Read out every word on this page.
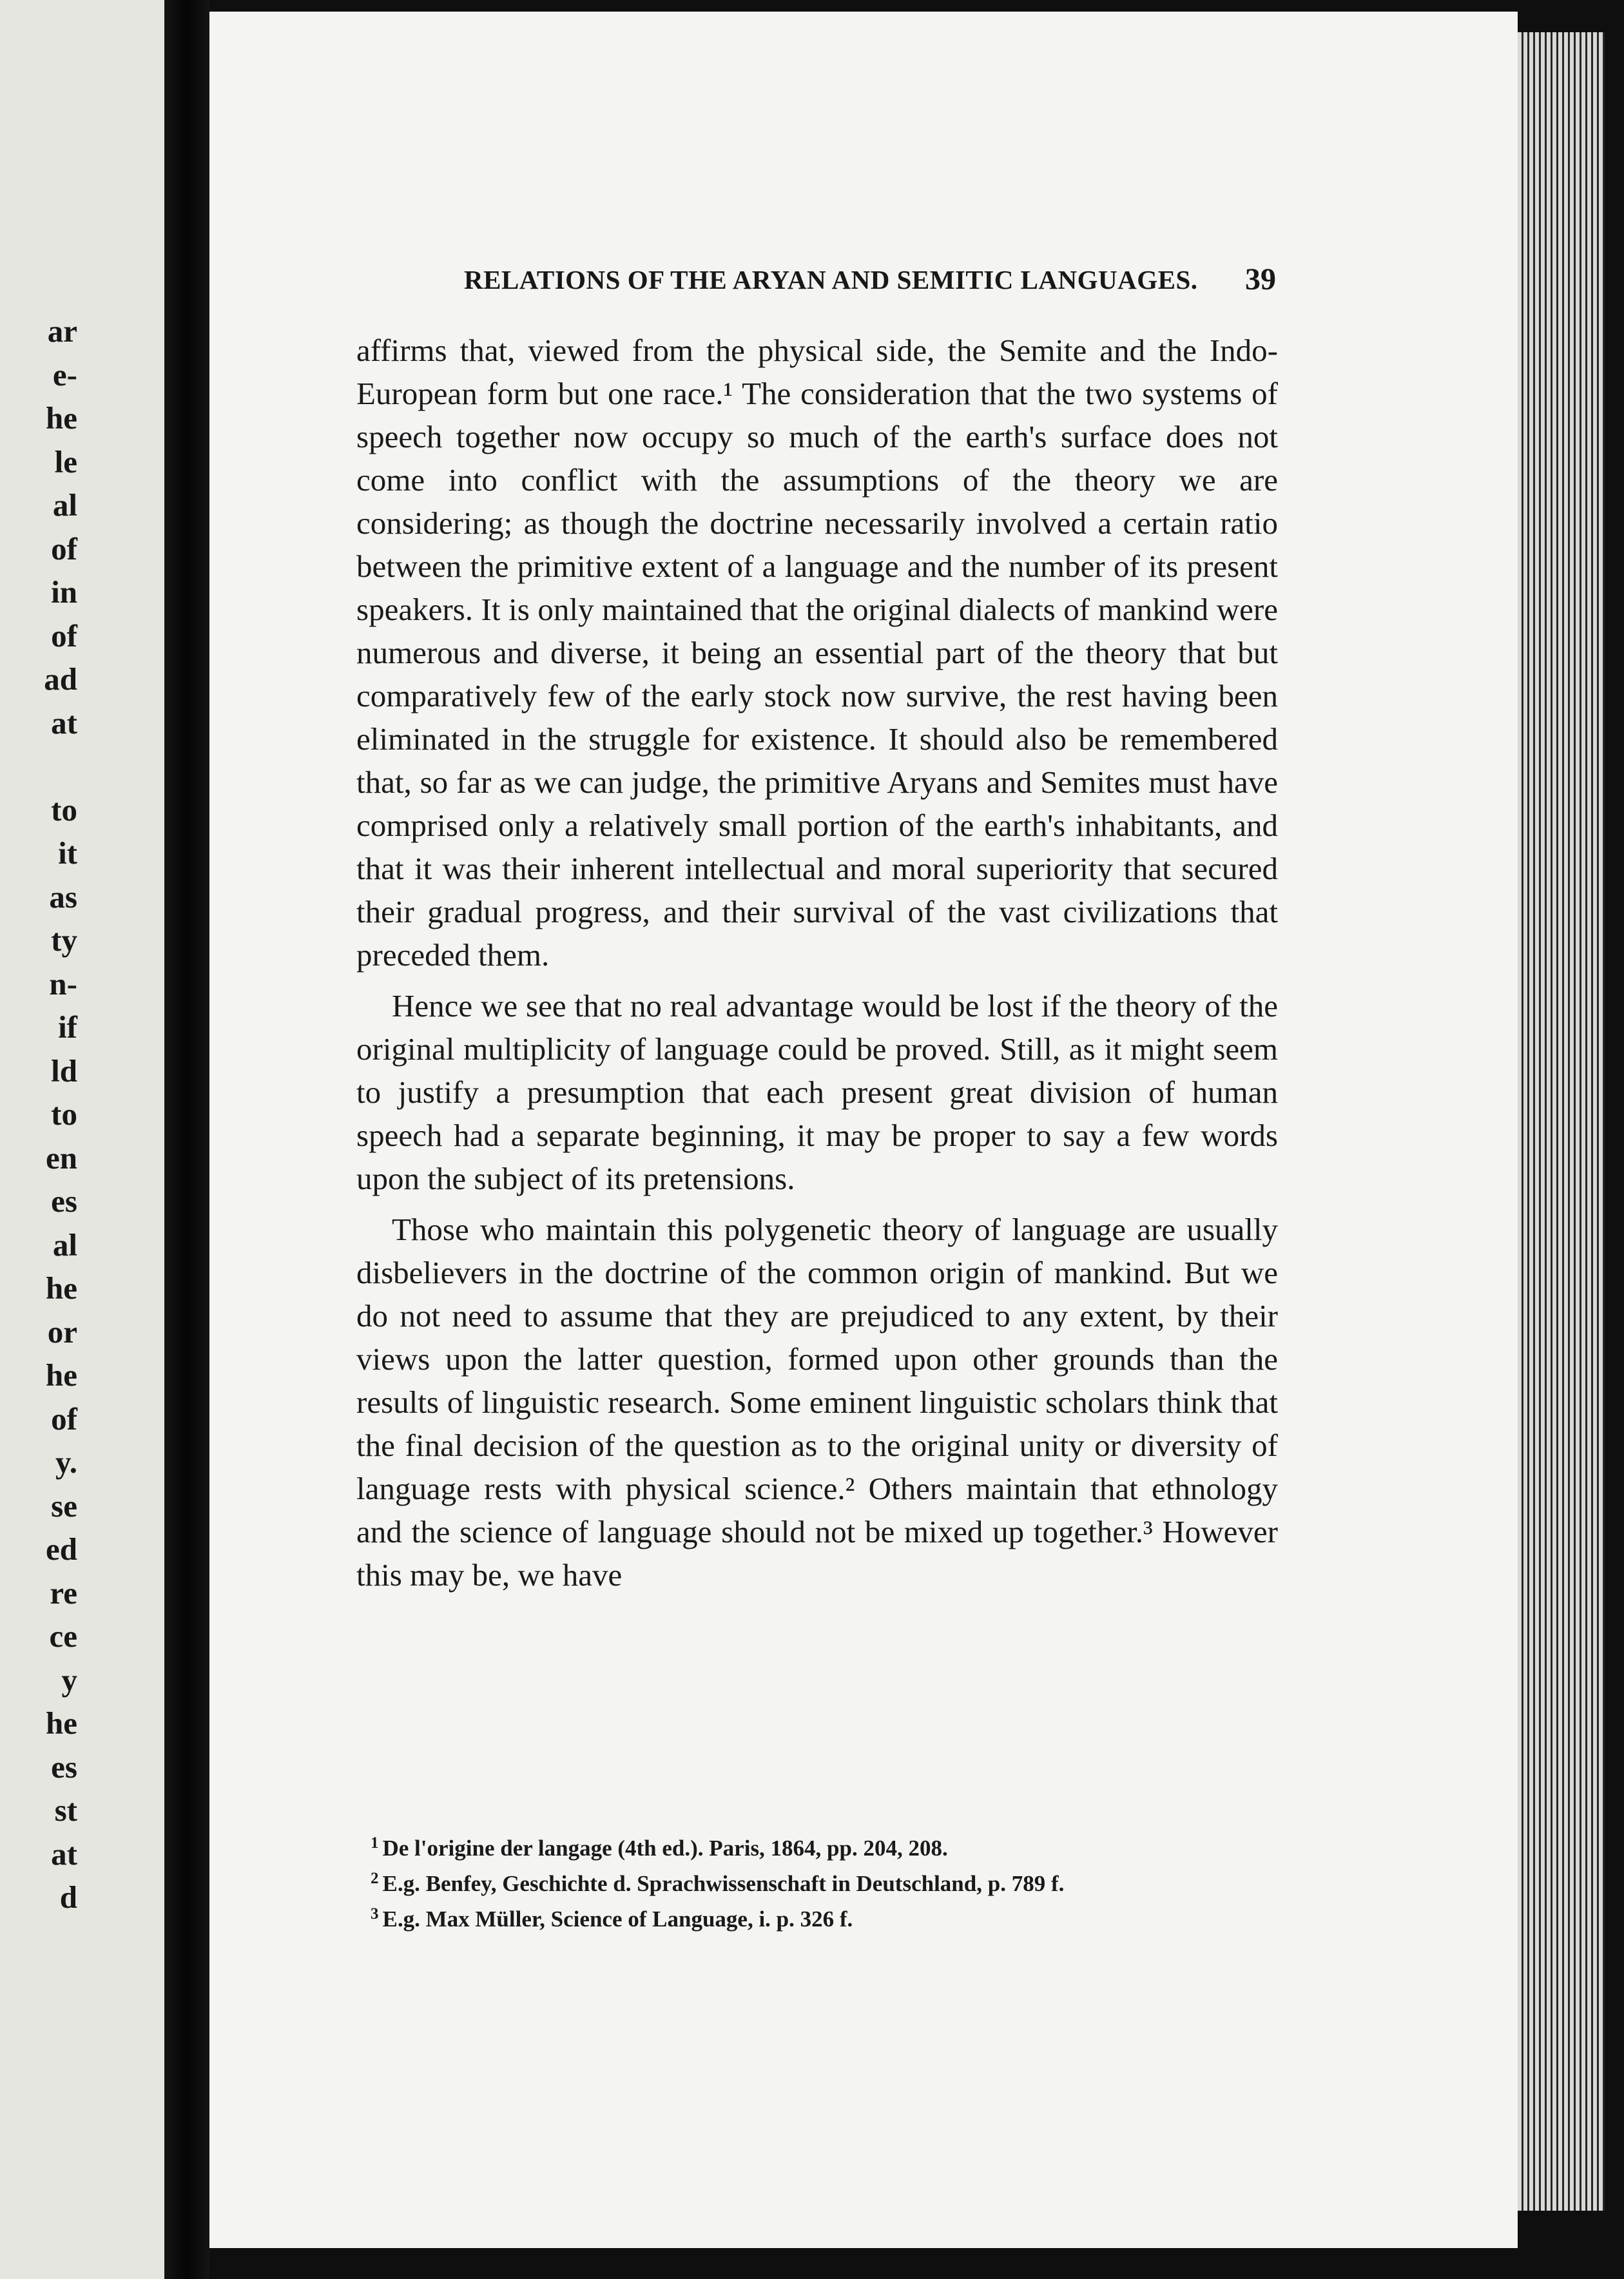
ar
e-
he
le
al
of
in
of
ad
at
to
it
as
ty
n-
if
ld
to
en
es
al
he
or
he
of
y.
se
ed
re
ce
y
he
es
st
at
d
RELATIONS OF THE ARYAN AND SEMITIC LANGUAGES. 39

affirms that, viewed from the physical side, the Semite and the Indo-European form but one race.¹ The consideration that the two systems of speech together now occupy so much of the earth's surface does not come into conflict with the assumptions of the theory we are considering; as though the doctrine necessarily involved a certain ratio between the primitive extent of a language and the number of its present speakers. It is only maintained that the original dialects of mankind were numerous and diverse, it being an essential part of the theory that but comparatively few of the early stock now survive, the rest having been eliminated in the struggle for existence. It should also be remembered that, so far as we can judge, the primitive Aryans and Semites must have comprised only a relatively small portion of the earth's inhabitants, and that it was their inherent intellectual and moral superiority that secured their gradual progress, and their survival of the vast civilizations that preceded them.

Hence we see that no real advantage would be lost if the theory of the original multiplicity of language could be proved. Still, as it might seem to justify a presumption that each present great division of human speech had a separate beginning, it may be proper to say a few words upon the subject of its pretensions.

Those who maintain this polygenetic theory of language are usually disbelievers in the doctrine of the common origin of mankind. But we do not need to assume that they are prejudiced to any extent, by their views upon the latter question, formed upon other grounds than the results of linguistic research. Some eminent linguistic scholars think that the final decision of the question as to the original unity or diversity of language rests with physical science.² Others maintain that ethnology and the science of language should not be mixed up together.³ However this may be, we have

$^1$ De l'origine der langage (4th ed.). Paris, 1864, pp. 204, 208.

$^2$ E.g. Benfey, Geschichte d. Sprachwissenschaft in Deutschland, p. 789 f.

$^3$ E.g. Max Müller, Science of Language, i. p. 326 f.
